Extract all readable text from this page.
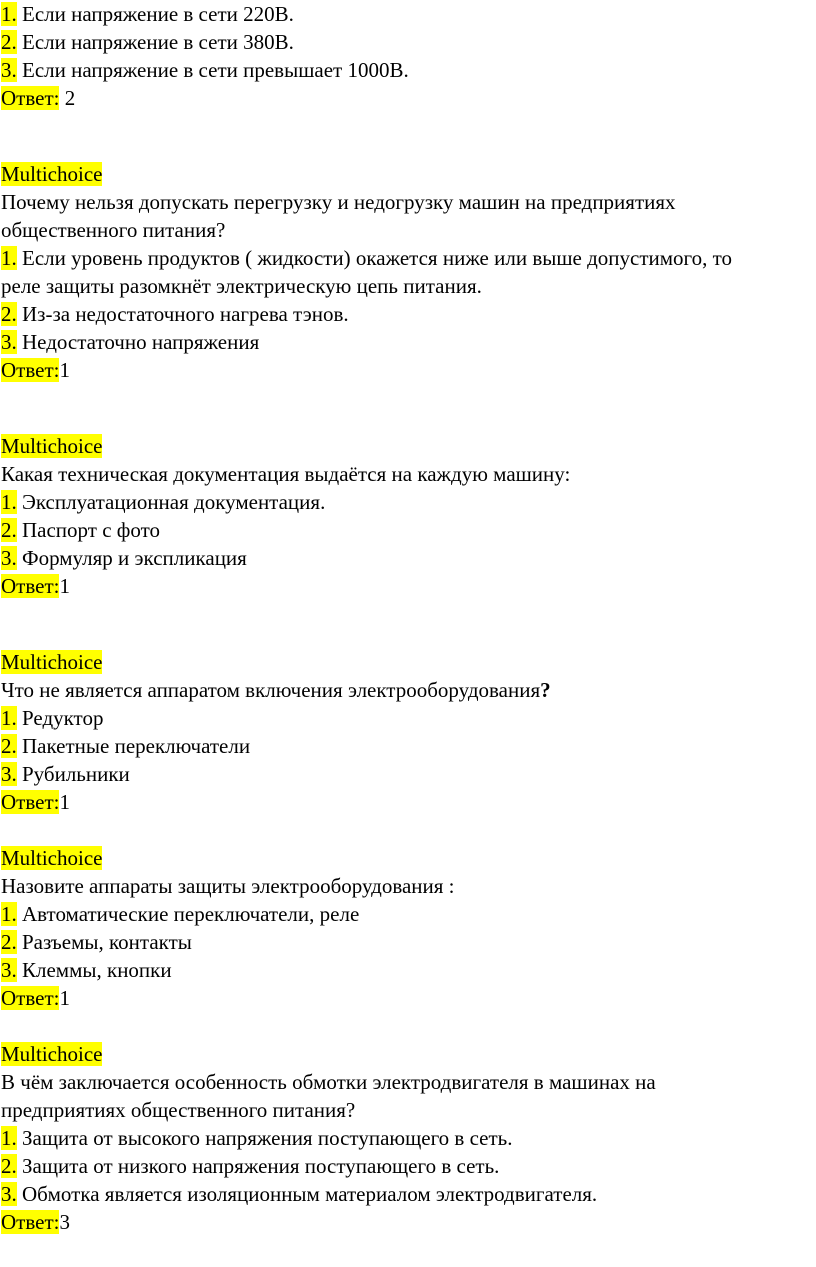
1. Если напряжение в сети 220В.

2. Если напряжение в сети 380В.

3. Если напряжение в сети превышает 1000В.

Ответ: 2

Multichoice

Почему нельзя допускать перегрузку и недогрузку машин на предприятиях

общественного питания?

1. Если уровень продуктов ( жидкости) окажется ниже или выше допустимого, то

реле защиты разомкнёт электрическую цепь питания.

2. Из-за недостаточного нагрева тэнов.

3. Недостаточно напряжения

Ответ:1

Multichoice

Какая техническая документация выдаётся на каждую машину:

1. Эксплуатационная документация.

2. Паспорт с фото

3. Формуляр и экспликация

Ответ:1

Multichoice

Что не является аппаратом включения электрооборудования?

1. Редуктор

2. Пакетные переключатели

3. Рубильники

Ответ:1

Multichoice

Назовите аппараты защиты электрооборудования :

1. Автоматические переключатели, реле

2. Разъемы, контакты

3. Клеммы, кнопки

Ответ:1

Multichoice

В чём заключается особенность обмотки электродвигателя в машинах на

предприятиях общественного питания?

1. Защита от высокого напряжения поступающего в сеть.

2. Защита от низкого напряжения поступающего в сеть.

3. Обмотка является изоляционным материалом электродвигателя.

Ответ:3
